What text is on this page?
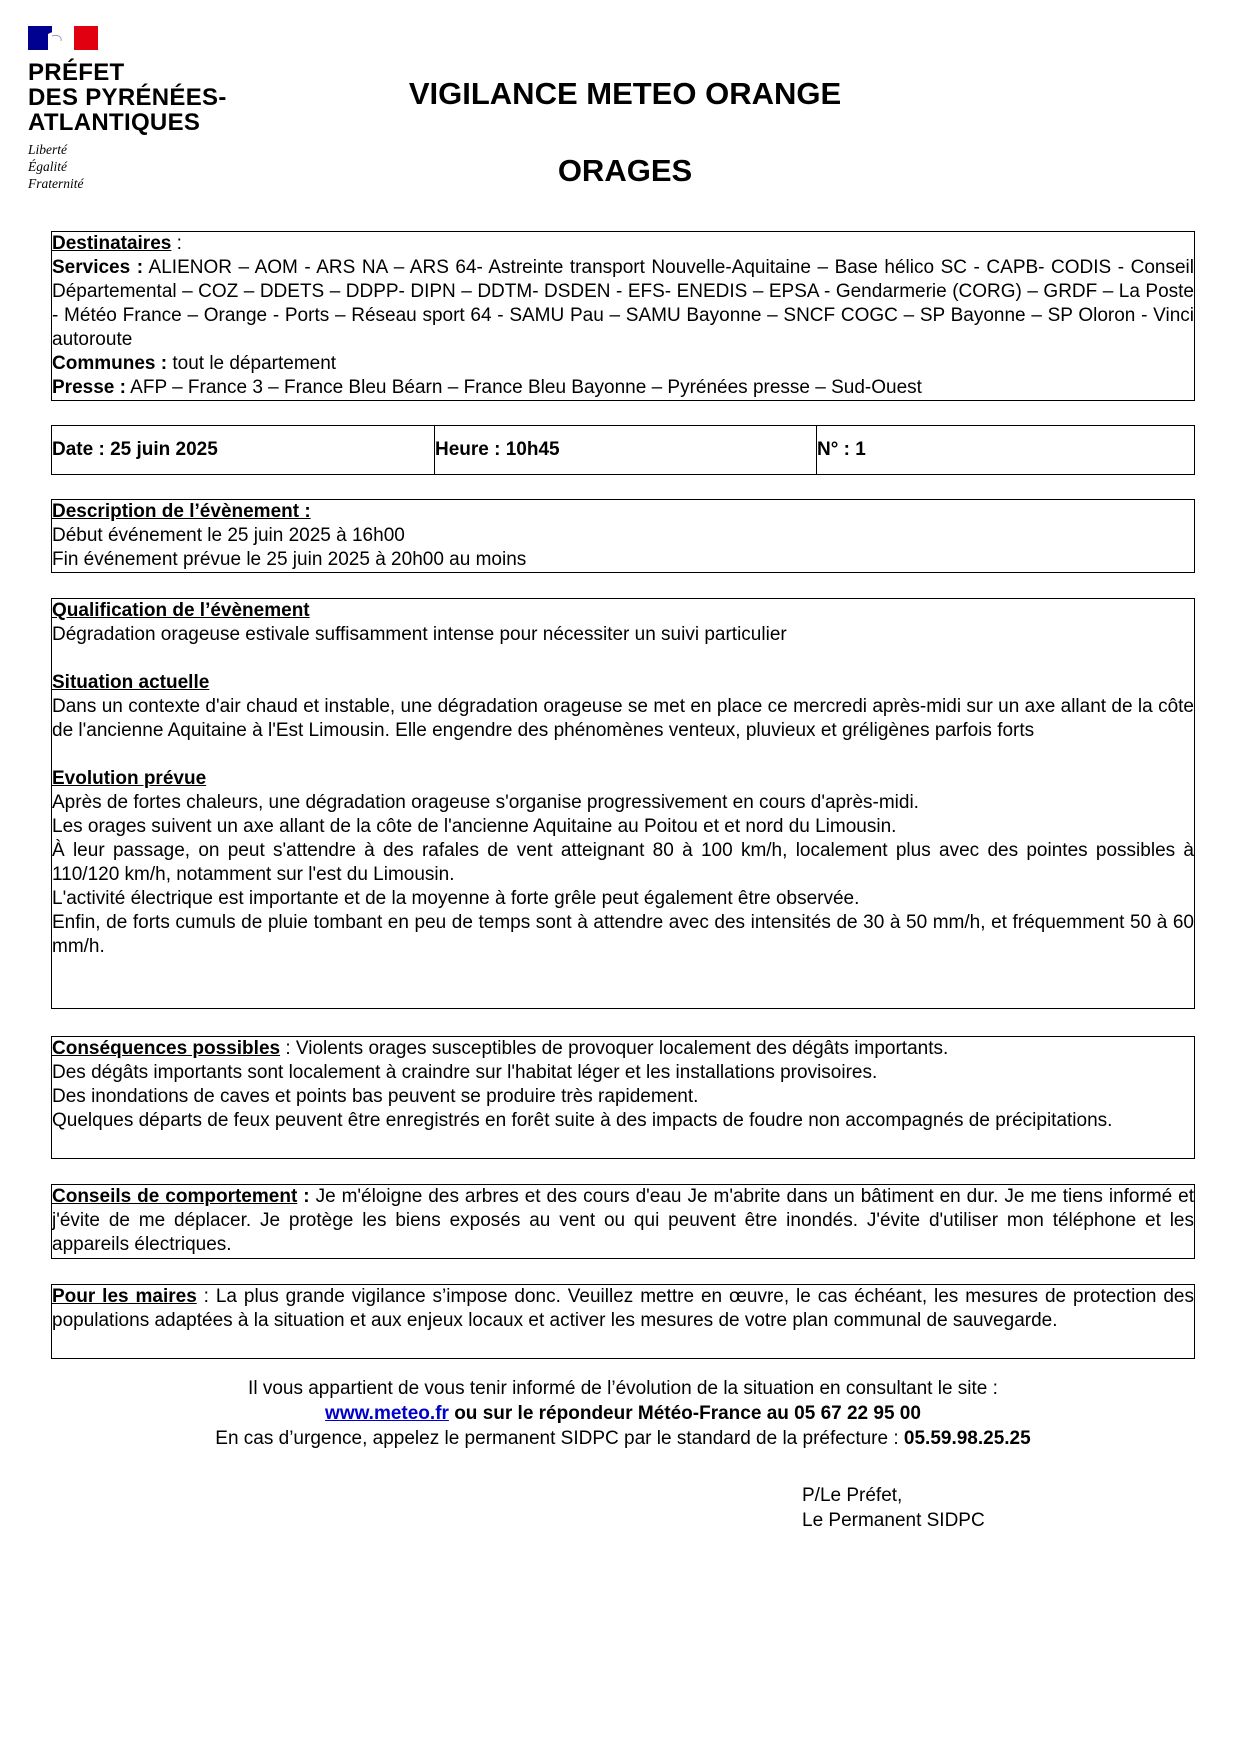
PRÉFET
DES PYRÉNÉES-
ATLANTIQUES
Liberté
Égalité
Fraternité
VIGILANCE METEO ORANGE
ORAGES

Destinataires :

Services : ALIENOR – AOM - ARS NA – ARS 64- Astreinte transport Nouvelle-Aquitaine – Base hélico SC - CAPB- CODIS - Conseil Départemental – COZ – DDETS – DDPP- DIPN – DDTM- DSDEN - EFS- ENEDIS – EPSA - Gendarmerie (CORG) – GRDF – La Poste - Météo France – Orange - Ports – Réseau sport 64 - SAMU Pau – SAMU Bayonne – SNCF COGC – SP Bayonne – SP Oloron - Vinci autoroute

Communes : tout le département

Presse : AFP – France 3 – France Bleu Béarn – France Bleu Bayonne – Pyrénées presse – Sud-Ouest

Date : 25 juin 2025	Heure : 10h45	N° : 1

Description de l’évènement :

Début événement le 25 juin 2025 à 16h00

Fin événement prévue le 25 juin 2025 à 20h00 au moins

Qualification de l’évènement

Dégradation orageuse estivale suffisamment intense pour nécessiter un suivi particulier

Situation actuelle

Dans un contexte d'air chaud et instable, une dégradation orageuse se met en place ce mercredi après-midi sur un axe allant de la côte de l'ancienne Aquitaine à l'Est Limousin. Elle engendre des phénomènes venteux, pluvieux et gréligènes parfois forts

Evolution prévue

Après de fortes chaleurs, une dégradation orageuse s'organise progressivement en cours d'après-midi.

Les orages suivent un axe allant de la côte de l'ancienne Aquitaine au Poitou et et nord du Limousin.

À leur passage, on peut s'attendre à des rafales de vent atteignant 80 à 100 km/h, localement plus avec des pointes possibles à 110/120 km/h, notamment sur l'est du Limousin.

L'activité électrique est importante et de la moyenne à forte grêle peut également être observée.

Enfin, de forts cumuls de pluie tombant en peu de temps sont à attendre avec des intensités de 30 à 50 mm/h, et fréquemment 50 à 60 mm/h.

Conséquences possibles : Violents orages susceptibles de provoquer localement des dégâts importants.

Des dégâts importants sont localement à craindre sur l'habitat léger et les installations provisoires.

Des inondations de caves et points bas peuvent se produire très rapidement.

Quelques départs de feux peuvent être enregistrés en forêt suite à des impacts de foudre non accompagnés de précipitations.

Conseils de comportement : Je m'éloigne des arbres et des cours d'eau Je m'abrite dans un bâtiment en dur. Je me tiens informé et j'évite de me déplacer. Je protège les biens exposés au vent ou qui peuvent être inondés. J'évite d'utiliser mon téléphone et les appareils électriques.

Pour les maires : La plus grande vigilance s’impose donc. Veuillez mettre en œuvre, le cas échéant, les mesures de protection des populations adaptées à la situation et aux enjeux locaux et activer les mesures de votre plan communal de sauvegarde.

Il vous appartient de vous tenir informé de l’évolution de la situation en consultant le site :
www.meteo.fr ou sur le répondeur Météo-France au 05 67 22 95 00
En cas d’urgence, appelez le permanent SIDPC par le standard de la préfecture : 05.59.98.25.25
P/Le Préfet,
Le Permanent SIDPC
